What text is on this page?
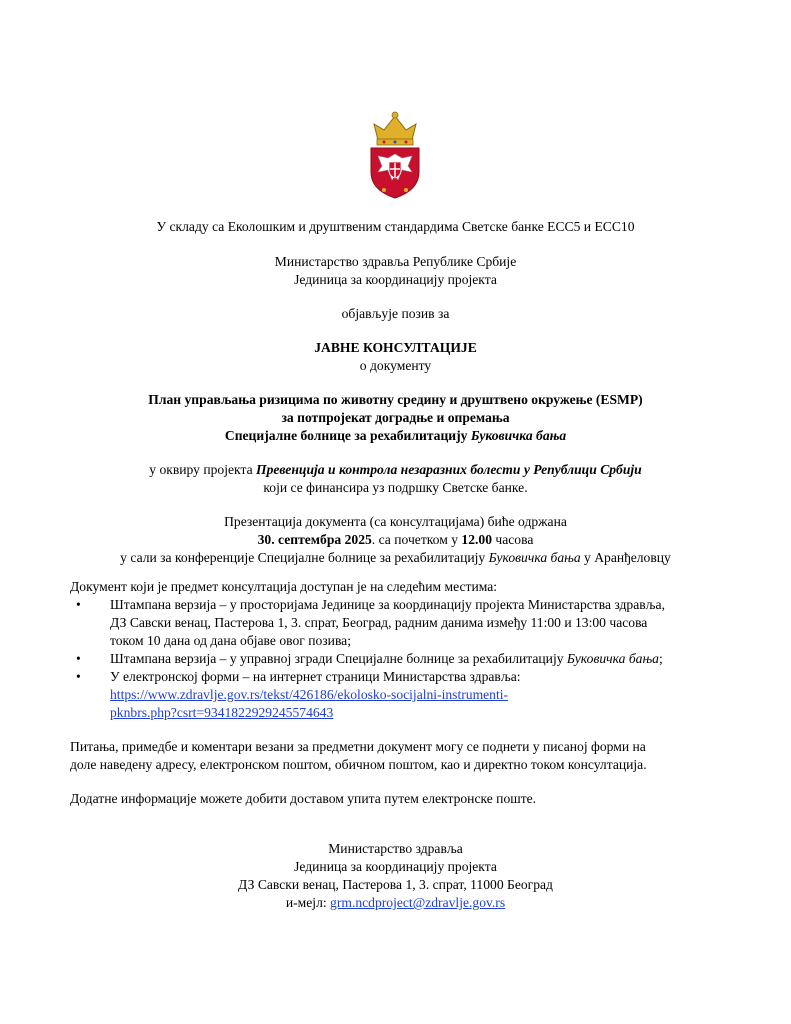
У складу са Еколошким и друштвеним стандардима Светске банке ЕСС5 и ЕСС10
Министарство здравља Републике Србије
Јединица за координацију пројекта
објављује позив за
ЈАВНЕ КОНСУЛТАЦИЈЕ
о документу
План управљања ризицима по животну средину и друштвено окружење (ESMP)
за потпројекат доградње и опремања
Специјалне болнице за рехабилитацију Буковичка бања
у оквиру пројекта Превенција и контрола незаразних болести у Републици Србији
који се финансира уз подршку Светске банке.
Презентација документа (са консултацијама) биће одржана
30. септембра 2025. са почетком у 12.00 часова
у сали за конференције Специјалне болнице за рехабилитацију Буковичка бања у Аранђеловцу
Документ који је предмет консултација доступан је на следећим местима:
• Штампана верзија – у просторијама Јединице за координацију пројекта Министарства здравља,
ДЗ Савски венац, Пастерова 1, 3. спрат, Београд, радним данима између 11:00 и 13:00 часова
током 10 дана од дана објаве овог позива;
• Штампана верзија – у управној згради Специјалне болнице за рехабилитацију Буковичка бања;
• У електронској форми – на интернет страници Министарства здравља:
https://www.zdravlje.gov.rs/tekst/426186/ekolosko-socijalni-instrumenti-
pknbrs.php?csrt=9341822929245574643
Питања, примедбе и коментари везани за предметни документ могу се поднети у писаној форми на
доле наведену адресу, електронском поштом, обичном поштом, као и директно током консултација.
Додатне информације можете добити доставом упита путем електронске поште.
Министарство здравља
Јединица за координацију пројекта
ДЗ Савски венац, Пастерова 1, 3. спрат, 11000 Београд
и-мејл: grm.ncdproject@zdravlje.gov.rs
